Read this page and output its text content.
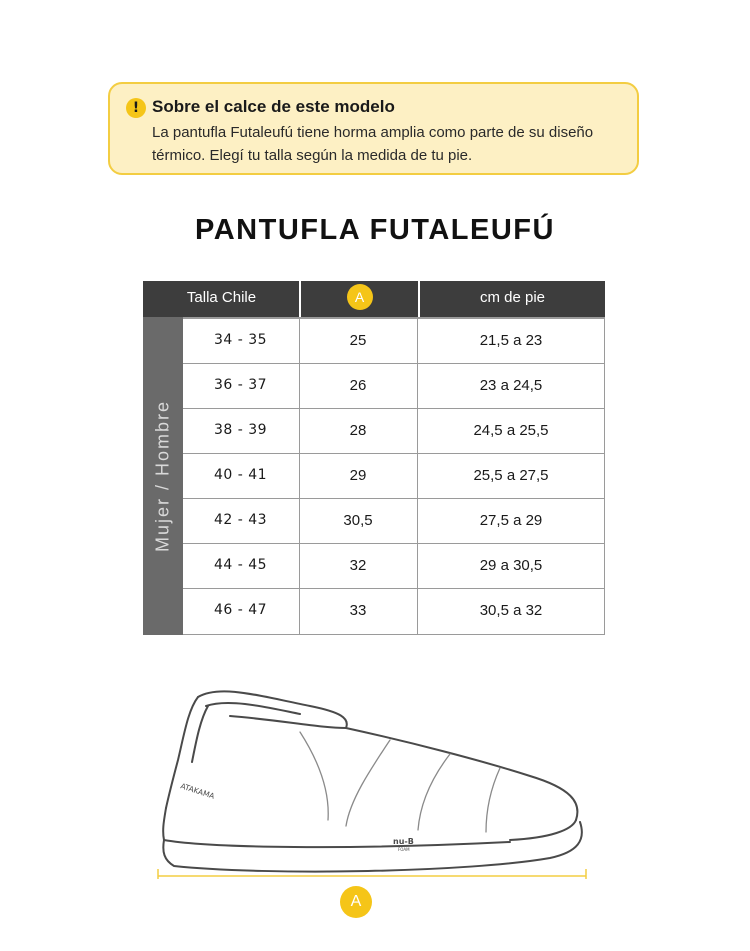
! Sobre el calce de este modelo
La pantufla Futaleufú tiene horma amplia como parte de su diseño térmico. Elegí tu talla según la medida de tu pie.
PANTUFLA FUTALEUFÚ
Talla Chile	A	cm de pie
Mujer / Hombre
34 - 35	25	21,5 a 23
36 - 37	26	23 a 24,5
38 - 39	28	24,5 a 25,5
40 - 41	29	25,5 a 27,5
42 - 43	30,5	27,5 a 29
44 - 45	32	29 a 30,5
46 - 47	33	30,5 a 32
ATAKAMA
nu-B
FOAM
A
